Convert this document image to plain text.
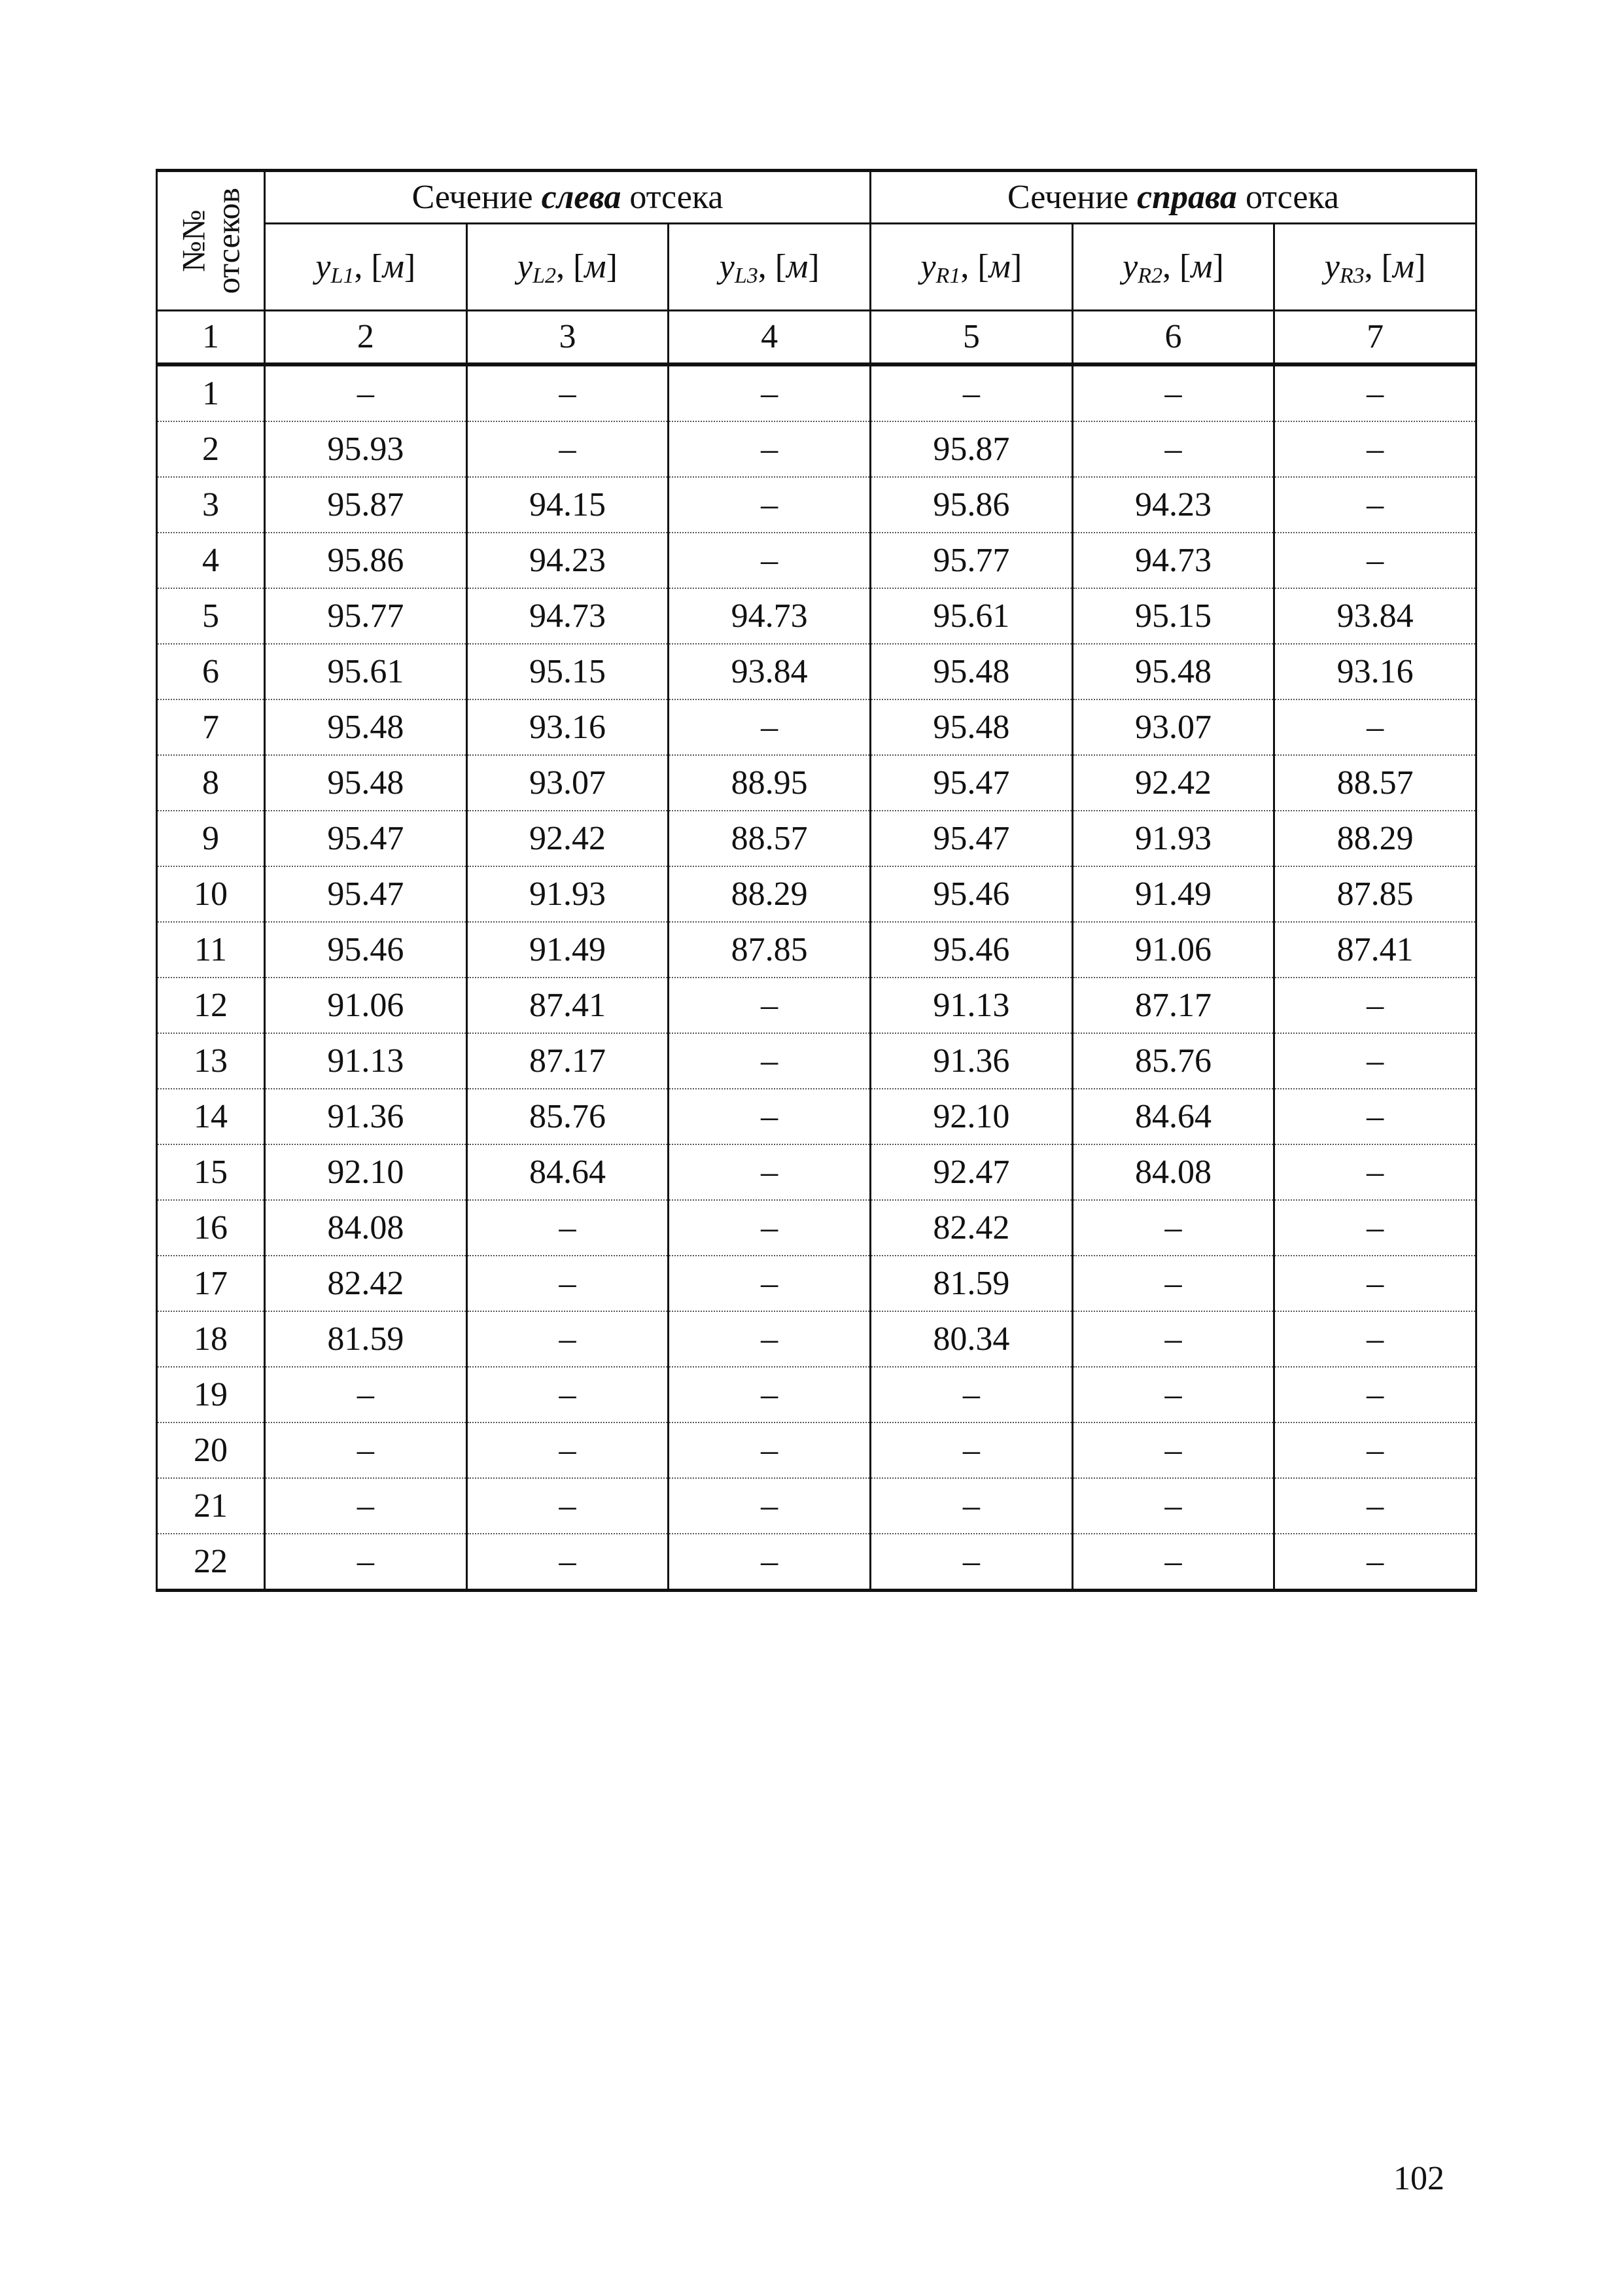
№№
отсеков	Сечение слева отсека			Сечение справа отсека		
	$y_{L1}$, [м]	$y_{L2}$, [м]	$y_{L3}$, [м]	$y_{R1}$, [м]	$y_{R2}$, [м]	$y_{R3}$, [м]
1	2	3	4	5	6	7
1	–	–	–	–	–	–
2	95.93	–	–	95.87	–	–
3	95.87	94.15	–	95.86	94.23	–
4	95.86	94.23	–	95.77	94.73	–
5	95.77	94.73	94.73	95.61	95.15	93.84
6	95.61	95.15	93.84	95.48	95.48	93.16
7	95.48	93.16	–	95.48	93.07	–
8	95.48	93.07	88.95	95.47	92.42	88.57
9	95.47	92.42	88.57	95.47	91.93	88.29
10	95.47	91.93	88.29	95.46	91.49	87.85
11	95.46	91.49	87.85	95.46	91.06	87.41
12	91.06	87.41	–	91.13	87.17	–
13	91.13	87.17	–	91.36	85.76	–
14	91.36	85.76	–	92.10	84.64	–
15	92.10	84.64	–	92.47	84.08	–
16	84.08	–	–	82.42	–	–
17	82.42	–	–	81.59	–	–
18	81.59	–	–	80.34	–	–
19	–	–	–	–	–	–
20	–	–	–	–	–	–
21	–	–	–	–	–	–
22	–	–	–	–	–	–
102
